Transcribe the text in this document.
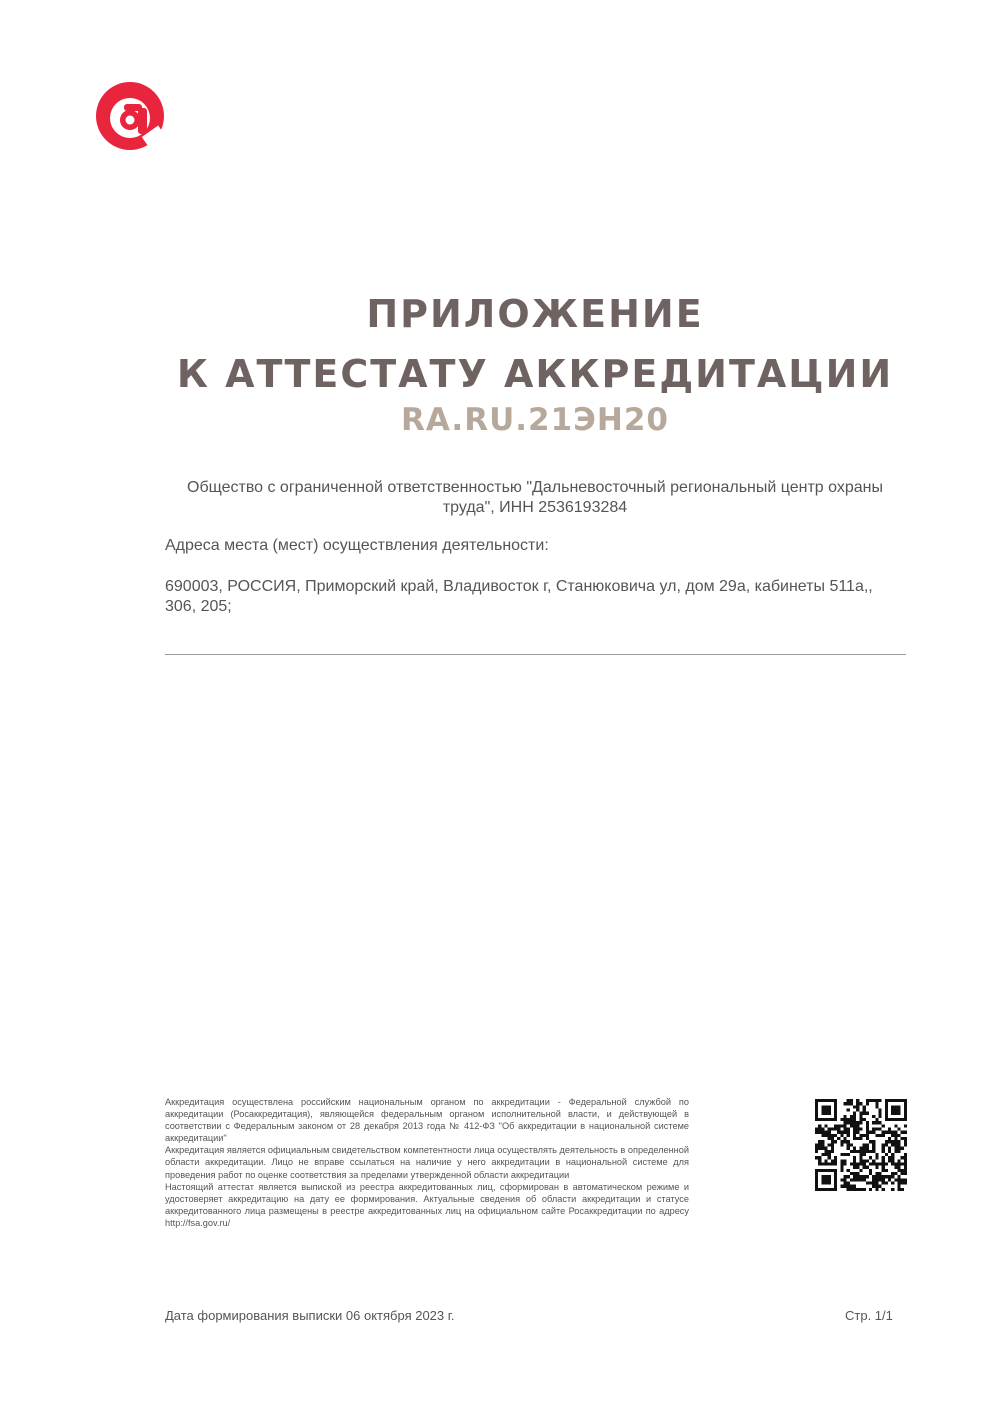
ПРИЛОЖЕНИЕ
К АТТЕСТАТУ АККРЕДИТАЦИИ
RA.RU.21ЭН20
Общество с ограниченной ответственностью "Дальневосточный региональный центр охраны труда", ИНН 2536193284
Адреса места (мест) осуществления деятельности:
690003, РОССИЯ, Приморский край, Владивосток г, Станюковича ул, дом 29а, кабинеты 511а,, 306, 205;

Аккредитация осуществлена российским национальным органом по аккредитации - Федеральной службой по аккредитации (Росаккредитация), являющейся федеральным органом исполнительной власти, и действующей в соответствии с Федеральным законом от 28 декабря 2013 года № 412-ФЗ "Об аккредитации в национальной системе аккредитации"

Аккредитация является официальным свидетельством компетентности лица осуществлять деятельность в определенной области аккредитации. Лицо не вправе ссылаться на наличие у него аккредитации в национальной системе для проведения работ по оценке соответствия за пределами утвержденной области аккредитации

Настоящий аттестат является выпиской из реестра аккредитованных лиц, сформирован в автоматическом режиме и удостоверяет аккредитацию на дату ее формирования. Актуальные сведения об области аккредитации и статусе аккредитованного лица размещены в реестре аккредитованных лиц на официальном сайте Росаккредитации по адресу http://fsa.gov.ru/

Дата формирования выписки 06 октября 2023 г.	Стр. 1/1
